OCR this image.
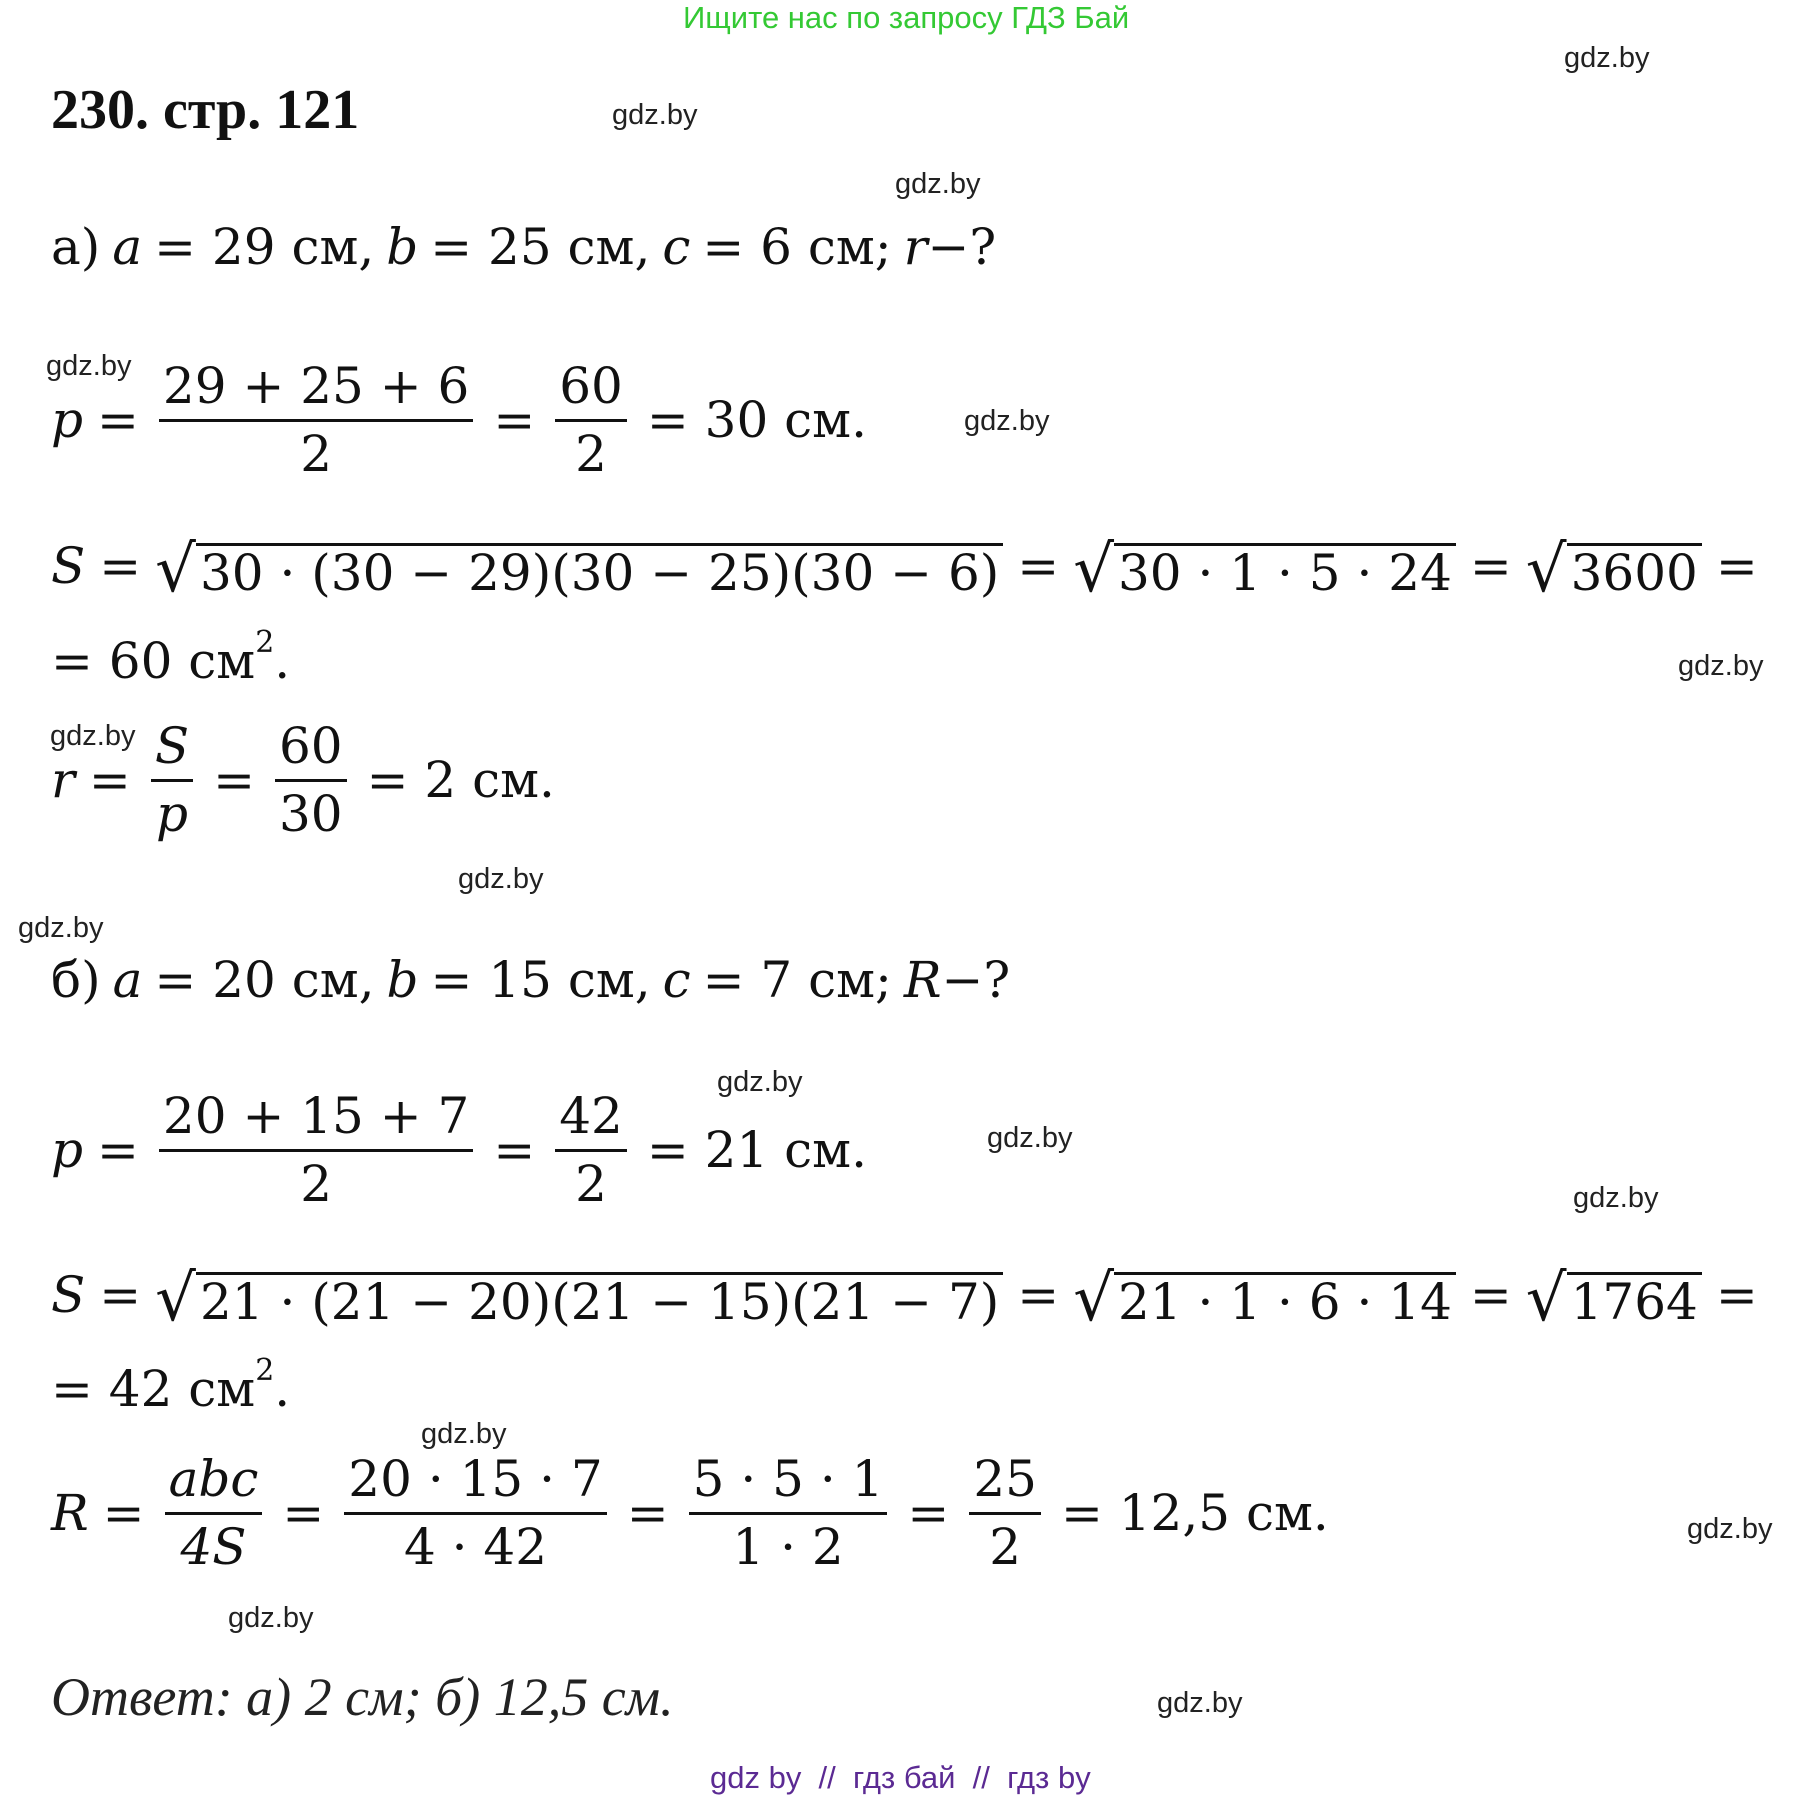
Ищите нас по запросу ГДЗ Бай
230. стр. 121
gdz.by
gdz.by
gdz.by
gdz.by
gdz.by
gdz.by
gdz.by
gdz.by
gdz.by
gdz.by
gdz.by
gdz.by
gdz.by
gdz.by
gdz.by
gdz.by
а) a = 29 см, b = 25 см, c = 6 см; r−?
$p = \frac{29 + 25 + 6}{2} = \frac{60}{2} = 30$ см.
S = √ 30 · (30 − 29)(30 − 25)(30 − 6) = √ 30 · 1 · 5 · 24 = √ 3600 =
= 60 $см^2$.
$r = \frac{S}{p} = \frac{60}{30} = 2$ см.
б) a = 20 см, b = 15 см, c = 7 см; R−?
$p = \frac{20 + 15 + 7}{2} = \frac{42}{2} = 21$ см.
S = √ 21 · (21 − 20)(21 − 15)(21 − 7) = √ 21 · 1 · 6 · 14 = √ 1764 =
= 42 $см^2$.
$R = \frac{\text{abc}}{4S} = \frac{20 \cdot 15 \cdot 7}{4 \cdot 42} = \frac{5 \cdot 5 \cdot 1}{1 \cdot 2} = \frac{25}{2} = 12,5$ см.
Ответ: а) 2 см; б) 12,5 см.
gdz by  //  гдз бай  //  гдз by
